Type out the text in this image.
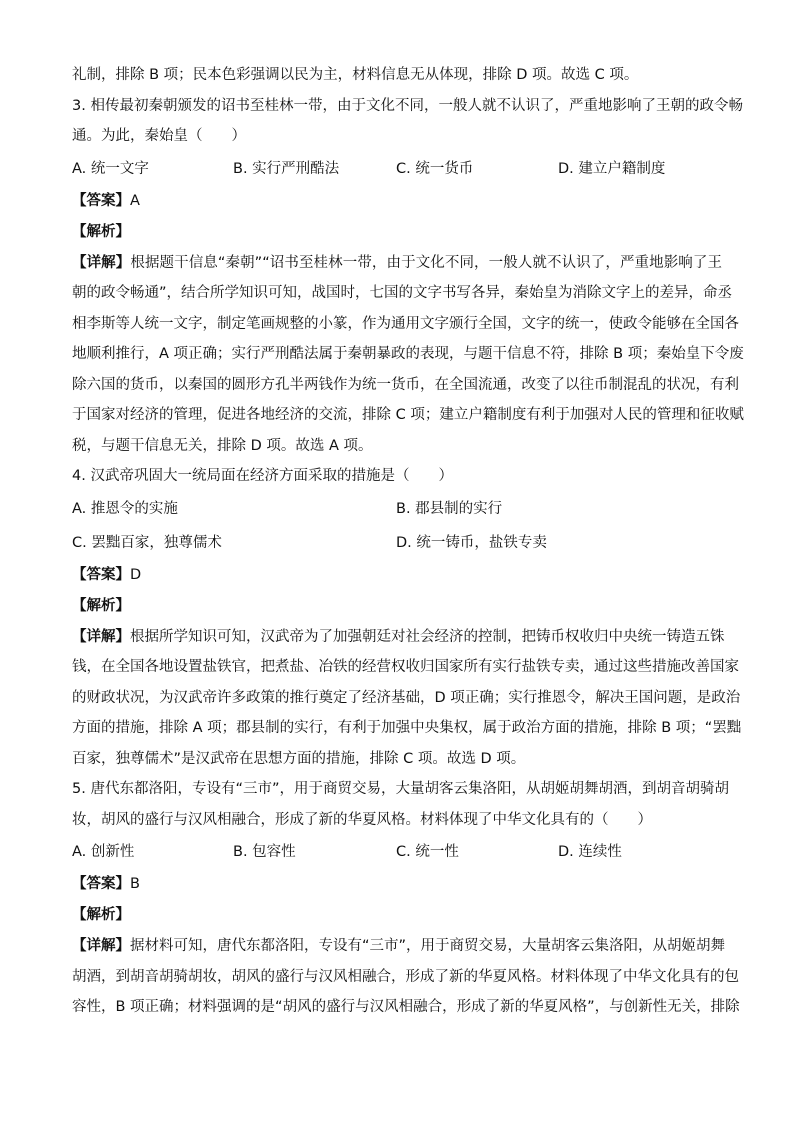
礼制，排除 B 项；民本色彩强调以民为主，材料信息无从体现，排除 D 项。故选 C 项。
3. 相传最初秦朝颁发的诏书至桂林一带，由于文化不同，一般人就不认识了，严重地影响了王朝的政令畅
通。为此，秦始皇（　　）
A. 统一文字	B. 实行严刑酷法	C. 统一货币	D. 建立户籍制度
【答案】A
【解析】
【详解】根据题干信息“秦朝”“诏书至桂林一带，由于文化不同，一般人就不认识了，严重地影响了王
朝的政令畅通”，结合所学知识可知，战国时，七国的文字书写各异，秦始皇为消除文字上的差异，命丞
相李斯等人统一文字，制定笔画规整的小篆，作为通用文字颁行全国，文字的统一，使政令能够在全国各
地顺利推行，A 项正确；实行严刑酷法属于秦朝暴政的表现，与题干信息不符，排除 B 项；秦始皇下令废
除六国的货币，以秦国的圆形方孔半两钱作为统一货币，在全国流通，改变了以往币制混乱的状况，有利
于国家对经济的管理，促进各地经济的交流，排除 C 项；建立户籍制度有利于加强对人民的管理和征收赋
税，与题干信息无关，排除 D 项。故选 A 项。
4. 汉武帝巩固大一统局面在经济方面采取的措施是（　　）
A. 推恩令的实施	B. 郡县制的实行
C. 罢黜百家，独尊儒术	D. 统一铸币，盐铁专卖
【答案】D
【解析】
【详解】根据所学知识可知，汉武帝为了加强朝廷对社会经济的控制，把铸币权收归中央统一铸造五铢
钱，在全国各地设置盐铁官，把煮盐、冶铁的经营权收归国家所有实行盐铁专卖，通过这些措施改善国家
的财政状况，为汉武帝许多政策的推行奠定了经济基础，D 项正确；实行推恩令，解决王国问题，是政治
方面的措施，排除 A 项；郡县制的实行，有利于加强中央集权，属于政治方面的措施，排除 B 项；“罢黜
百家，独尊儒术”是汉武帝在思想方面的措施，排除 C 项。故选 D 项。
5. 唐代东都洛阳，专设有“三市”，用于商贸交易，大量胡客云集洛阳，从胡姬胡舞胡酒，到胡音胡骑胡
妆，胡风的盛行与汉风相融合，形成了新的华夏风格。材料体现了中华文化具有的（　　）
A. 创新性	B. 包容性	C. 统一性	D. 连续性
【答案】B
【解析】
【详解】据材料可知，唐代东都洛阳，专设有“三市”，用于商贸交易，大量胡客云集洛阳，从胡姬胡舞
胡酒，到胡音胡骑胡妆，胡风的盛行与汉风相融合，形成了新的华夏风格。材料体现了中华文化具有的包
容性，B 项正确；材料强调的是“胡风的盛行与汉风相融合，形成了新的华夏风格”，与创新性无关，排除
